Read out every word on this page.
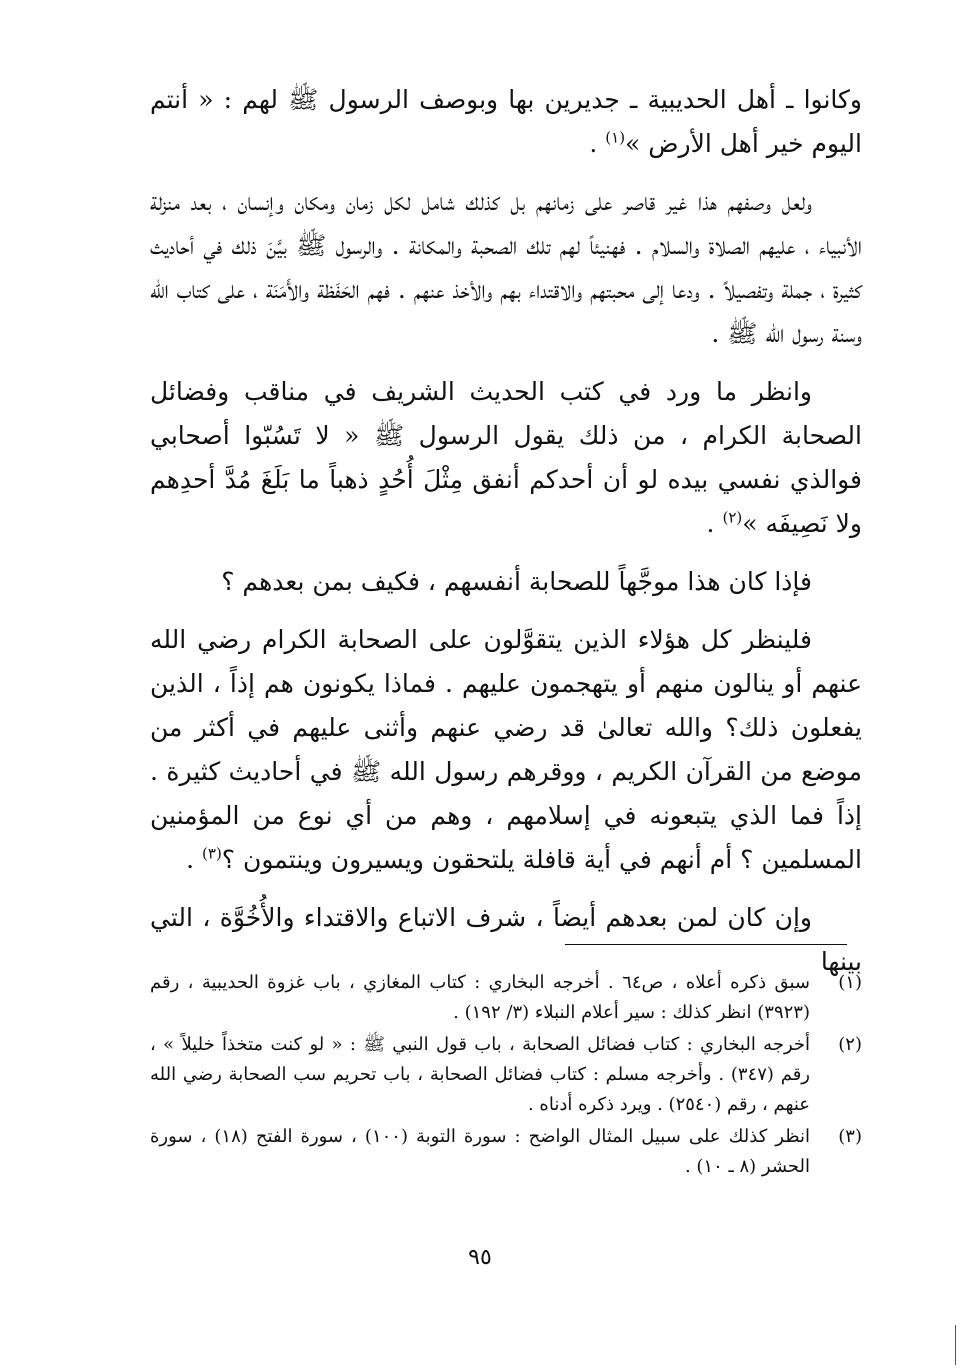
وكانوا ـ أهل الحديبية ـ جديرين بها وبوصف الرسول ﷺ لهم : « أنتم اليوم خير أهل الأرض »$^{(١)}$ .

ولعل وصفهم هذا غير قاصر على زمانهم بل كذلك شامل لكل زمان ومكان وإنسان ، بعد منزلة الأنبياء ، عليهم الصلاة والسلام . فهنيئاً لهم تلك الصحبة والمكانة . والرسول ﷺ بيَّنَ ذلك في أحاديث كثيرة ، جملة وتفصيلاً . ودعا إلى محبتهم والاقتداء بهم والأخذ عنهم . فهم الحَفَظة والأَمَنَة ، على كتاب الله وسنة رسول الله ﷺ .

وانظر ما ورد في كتب الحديث الشريف في مناقب وفضائل الصحابة الكرام ، من ذلك يقول الرسول ﷺ « لا تَسُبّوا أصحابي فوالذي نفسي بيده لو أن أحدكم أنفق مِثْلَ أُحُدٍ ذهباً ما بَلَغَ مُدَّ أحدِهم ولا نَصِيفَه »$^{(٢)}$ .

فإذا كان هذا موجَّهاً للصحابة أنفسهم ، فكيف بمن بعدهم ؟

فلينظر كل هؤلاء الذين يتقوَّلون على الصحابة الكرام رضي الله عنهم أو ينالون منهم أو يتهجمون عليهم . فماذا يكونون هم إذاً ، الذين يفعلون ذلك؟ والله تعالىٰ قد رضي عنهم وأثنى عليهم في أكثر من موضع من القرآن الكريم ، ووقرهم رسول الله ﷺ في أحاديث كثيرة . إذاً فما الذي يتبعونه في إسلامهم ، وهم من أي نوع من المؤمنين المسلمين ؟ أم أنهم في أية قافلة يلتحقون ويسيرون وينتمون ؟$^{(٣)}$ .

وإن كان لمن بعدهم أيضاً ، شرف الاتباع والاقتداء والأُخُوَّة ، التي بينها

(١)
سبق ذكره أعلاه ، ص٦٤ . أخرجه البخاري : كتاب المغازي ، باب غزوة الحديبية ، رقم (٣٩٢٣) انظر كذلك : سير أعلام النبلاء (٣/ ١٩٢) .
(٢)
أخرجه البخاري : كتاب فضائل الصحابة ، باب قول النبي ﷺ : « لو كنت متخذاً خليلاً » ، رقم (٣٤٧) . وأخرجه مسلم : كتاب فضائل الصحابة ، باب تحريم سب الصحابة رضي الله عنهم ، رقم (٢٥٤٠) . ويرد ذكره أدناه .
(٣)
انظر كذلك على سبيل المثال الواضح : سورة التوبة (١٠٠) ، سورة الفتح (١٨) ، سورة الحشر (٨ ـ ١٠) .
٩٥
